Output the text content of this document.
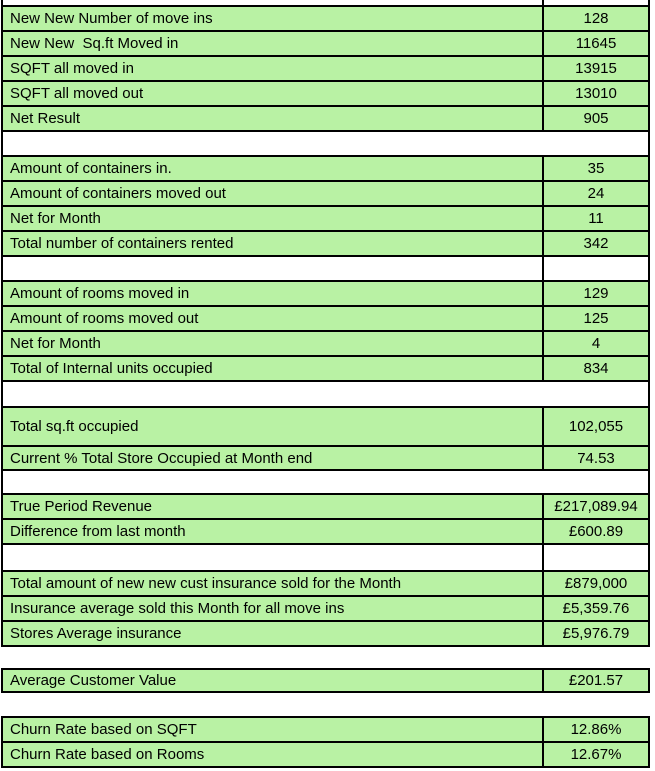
New New Number of move ins	128
New New  Sq.ft Moved in	11645
SQFT all moved in	13915
SQFT all moved out	13010
Net Result	905
Amount of containers in.	35
Amount of containers moved out	24
Net for Month	11
Total number of containers rented	342
Amount of rooms moved in	129
Amount of rooms moved out	125
Net for Month	4
Total of Internal units occupied	834
Total sq.ft occupied	102,055
Current % Total Store Occupied at Month end	74.53
True Period Revenue	£217,089.94
Difference from last month	£600.89
Total amount of new new cust insurance sold for the Month	£879,000
Insurance average sold this Month for all move ins	£5,359.76
Stores Average insurance	£5,976.79
Average Customer Value	£201.57
Churn Rate based on SQFT	12.86%
Churn Rate based on Rooms	12.67%
